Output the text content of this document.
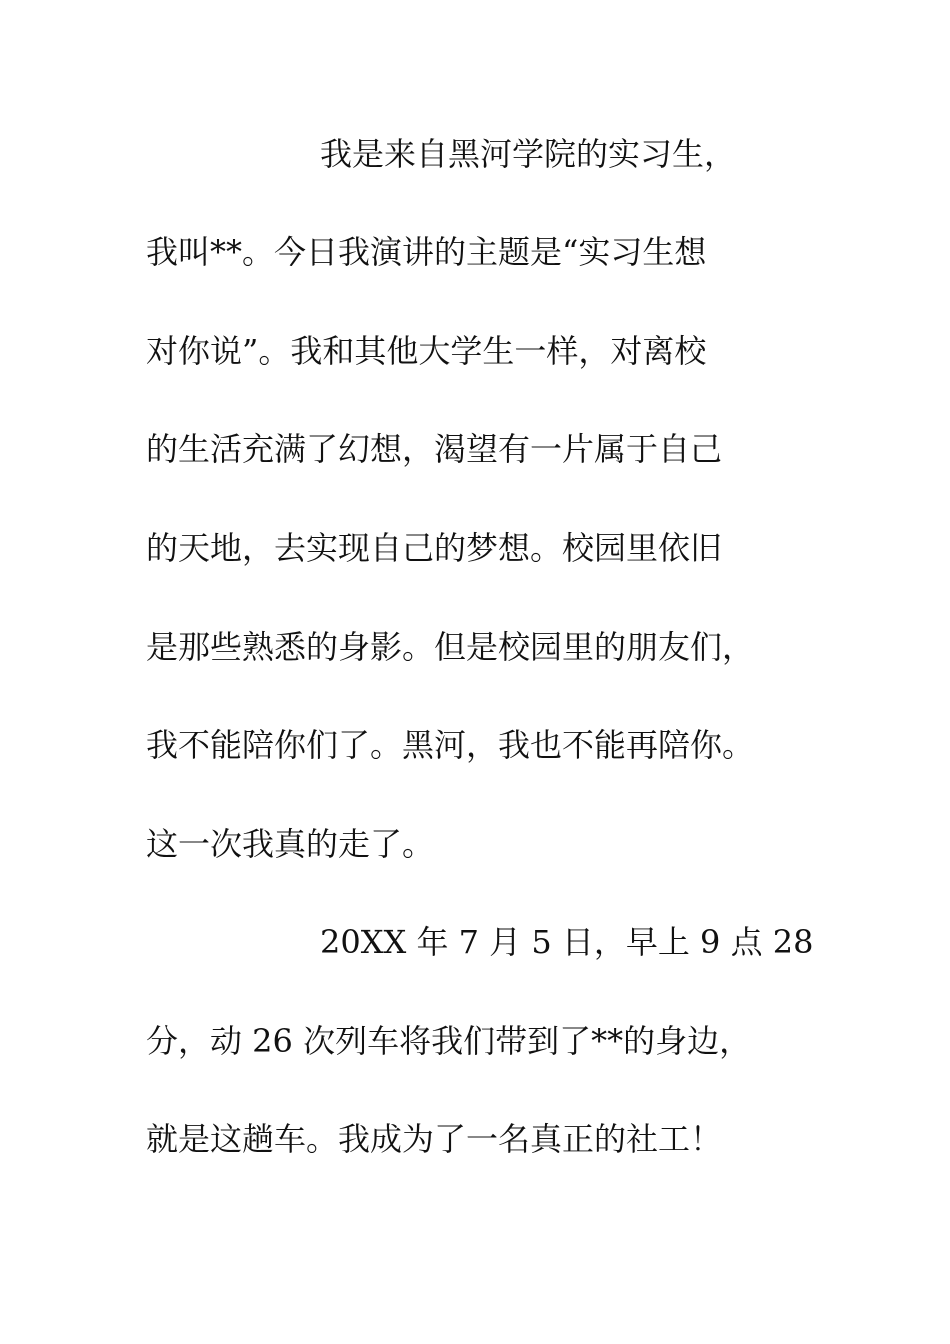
我是来自黑河学院的实习生，

我叫**。今日我演讲的主题是“实习生想

对你说”。我和其他大学生一样，对离校

的生活充满了幻想，渴望有一片属于自己

的天地，去实现自己的梦想。校园里依旧

是那些熟悉的身影。但是校园里的朋友们，

我不能陪你们了。黑河，我也不能再陪你。

这一次我真的走了。

20XX 年 7 月 5 日，早上 9 点 28

分，动 26 次列车将我们带到了**的身边，

就是这趟车。我成为了一名真正的社工！
